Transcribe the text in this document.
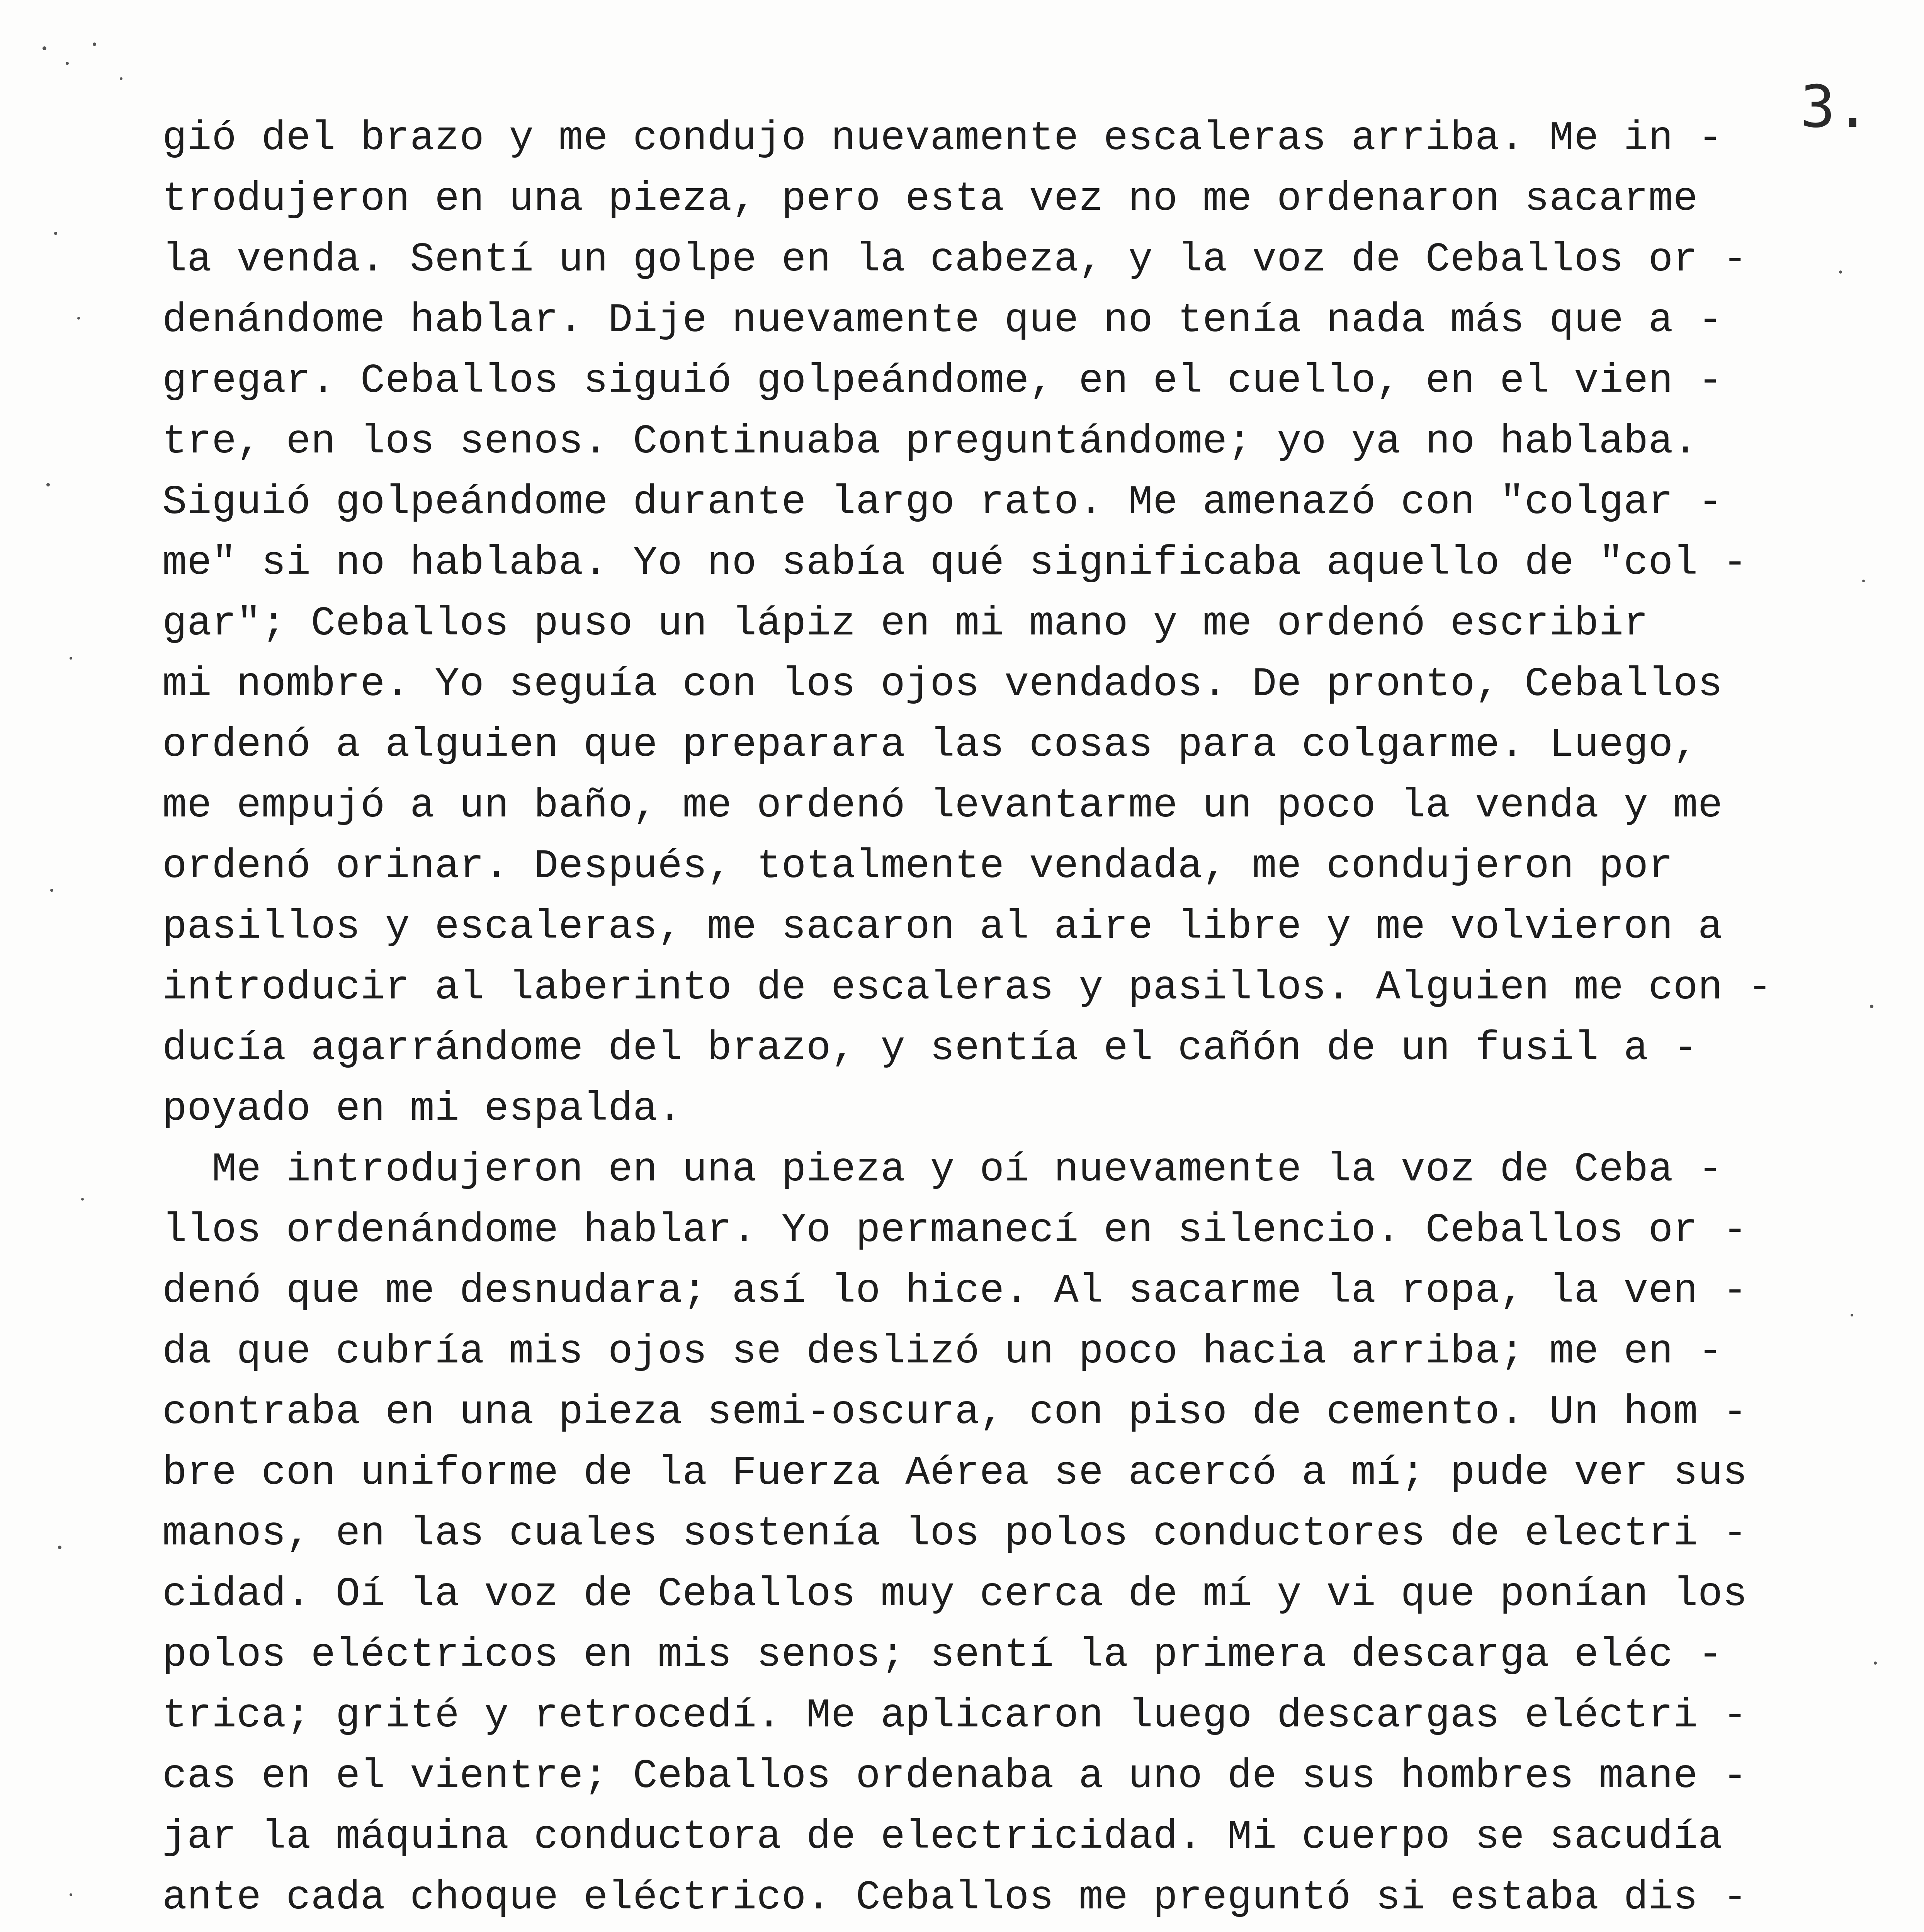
3.
gió del brazo y me condujo nuevamente escaleras arriba. Me in -
trodujeron en una pieza, pero esta vez no me ordenaron sacarme
la venda. Sentí un golpe en la cabeza, y la voz de Ceballos or -
denándome hablar. Dije nuevamente que no tenía nada más que a -
gregar. Ceballos siguió golpeándome, en el cuello, en el vien -
tre, en los senos. Continuaba preguntándome; yo ya no hablaba.
Siguió golpeándome durante largo rato. Me amenazó con "colgar -
me" si no hablaba. Yo no sabía qué significaba aquello de "col -
gar"; Ceballos puso un lápiz en mi mano y me ordenó escribir
mi nombre. Yo seguía con los ojos vendados. De pronto, Ceballos
ordenó a alguien que preparara las cosas para colgarme. Luego,
me empujó a un baño, me ordenó levantarme un poco la venda y me
ordenó orinar. Después, totalmente vendada, me condujeron por
pasillos y escaleras, me sacaron al aire libre y me volvieron a
introducir al laberinto de escaleras y pasillos. Alguien me con -
ducía agarrándome del brazo, y sentía el cañón de un fusil a -
poyado en mi espalda.
Me introdujeron en una pieza y oí nuevamente la voz de Ceba -
llos ordenándome hablar. Yo permanecí en silencio. Ceballos or -
denó que me desnudara; así lo hice. Al sacarme la ropa, la ven -
da que cubría mis ojos se deslizó un poco hacia arriba; me en -
contraba en una pieza semi-oscura, con piso de cemento. Un hom -
bre con uniforme de la Fuerza Aérea se acercó a mí; pude ver sus
manos, en las cuales sostenía los polos conductores de electri -
cidad. Oí la voz de Ceballos muy cerca de mí y vi que ponían los
polos eléctricos en mis senos; sentí la primera descarga eléc -
trica; grité y retrocedí. Me aplicaron luego descargas eléctri -
cas en el vientre; Ceballos ordenaba a uno de sus hombres mane -
jar la máquina conductora de electricidad. Mi cuerpo se sacudía
ante cada choque eléctrico. Ceballos me preguntó si estaba dis -
